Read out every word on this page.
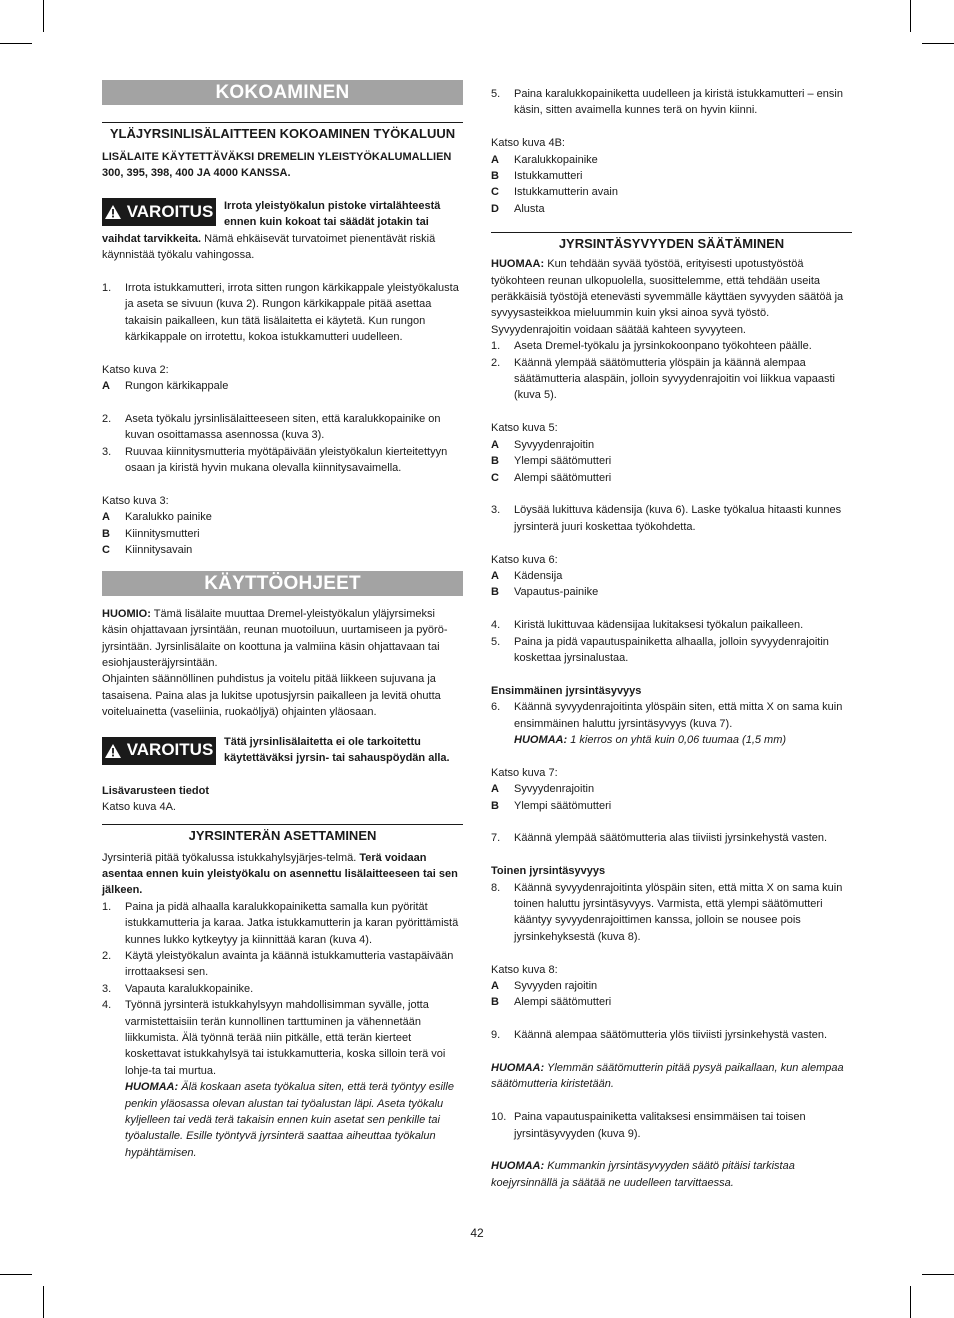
KOKOAMINEN
YLÄJYRSINLISÄLAITTEEN KOKOAMINEN TYÖKALUUN

LISÄLAITE KÄYTETTÄVÄKSI DREMELIN YLEISTYÖKALUMALLIEN 300, 395, 398, 400 JA 4000 KANSSA.

VAROITUS Irrota yleistyökalun pistoke virtalähteestä ennen kuin kokoat tai säädät jotakin tai

vaihdat tarvikkeita. Nämä ehkäisevät turvatoimet pienentävät riskiä käynnistää työkalu vahingossa.

1. Irrota istukkamutteri, irrota sitten rungon kärkikappale yleistyökalusta ja aseta se sivuun (kuva 2). Rungon kärkikappale pitää asettaa takaisin paikalleen, kun tätä lisälaitetta ei käytetä. Kun rungon kärkikappale on irrotettu, kokoa istukkamutteri uudelleen.

Katso kuva 2:

A Rungon kärkikappale
2. Aseta työkalu jyrsinlisälaitteeseen siten, että karalukkopainike on kuvan osoittamassa asennossa (kuva 3).
3. Ruuvaa kiinnitysmutteria myötäpäivään yleistyökalun kierteitettyyn osaan ja kiristä hyvin mukana olevalla kiinnitysavaimella.

Katso kuva 3:

A Karalukko painike
B Kiinnitysmutteri
C Kiinnitysavain
KÄYTTÖOHJEET

HUOMIO: Tämä lisälaite muuttaa Dremel-yleistyökalun yläjyrsimeksi käsin ohjattavaan jyrsintään, reunan muotoiluun, uurtamiseen ja pyörö-jyrsintään. Jyrsinlisälaite on koottuna ja valmiina käsin ohjattavaan tai esiohjausteräjyrsintään.

Ohjainten säännöllinen puhdistus ja voitelu pitää liikkeen sujuvana ja tasaisena. Paina alas ja lukitse upotusjyrsin paikalleen ja levitä ohutta voiteluainetta (vaseliinia, ruokaöljyä) ohjainten yläosaan.

VAROITUS Tätä jyrsinlisälaitetta ei ole tarkoitettu käytettäväksi jyrsin- tai sahauspöydän alla.

Lisävarusteen tiedot

Katso kuva 4A.

JYRSINTERÄN ASETTAMINEN

Jyrsinteriä pitää työkalussa istukkahylsyjärjes-telmä. Terä voidaan asentaa ennen kuin yleistyökalu on asennettu lisälaitteeseen tai sen jälkeen.

1. Paina ja pidä alhaalla karalukkopainiketta samalla kun pyörität istukkamutteria ja karaa. Jatka istukkamutterin ja karan pyörittämistä kunnes lukko kytkeytyy ja kiinnittää karan (kuva 4).
2. Käytä yleistyökalun avainta ja käännä istukkamutteria vastapäivään irrottaaksesi sen.
3. Vapauta karalukkopainike.
4. Työnnä jyrsinterä istukkahylsyyn mahdollisimman syvälle, jotta varmistettaisiin terän kunnollinen tarttuminen ja vähennetään liikkumista. Älä työnnä terää niin pitkälle, että terän kierteet koskettavat istukkahylsyä tai istukkamutteria, koska silloin terä voi lohje-ta tai murtua.

HUOMAA: Älä koskaan aseta työkalua siten, että terä työntyy esille penkin yläosassa olevan alustan tai työalustan läpi. Aseta työkalu kyljelleen tai vedä terä takaisin ennen kuin asetat sen penkille tai työalustalle. Esille työntyvä jyrsinterä saattaa aiheuttaa työkalun hypähtämisen.

5. Paina karalukkopainiketta uudelleen ja kiristä istukkamutteri – ensin käsin, sitten avaimella kunnes terä on hyvin kiinni.

Katso kuva 4B:

A Karalukkopainike
B Istukkamutteri
C Istukkamutterin avain
D Alusta
JYRSINTÄSYVYYDEN SÄÄTÄMINEN

HUOMAA: Kun tehdään syvää työstöä, erityisesti upotustyöstöä työkohteen reunan ulkopuolella, suosittelemme, että tehdään useita peräkkäisiä työstöjä etenevästi syvemmälle käyttäen syvyyden säätöä ja syvyysasteikkoa mieluummin kuin yksi ainoa syvä työstö. Syvyydenrajoitin voidaan säätää kahteen syvyyteen.

1. Aseta Dremel-työkalu ja jyrsinkokoonpano työkohteen päälle.
2. Käännä ylempää säätömutteria ylöspäin ja käännä alempaa säätämutteria alaspäin, jolloin syvyydenrajoitin voi liikkua vapaasti (kuva 5).

Katso kuva 5:

A Syvyydenrajoitin
B Ylempi säätömutteri
C Alempi säätömutteri
3. Löysää lukittuva kädensija (kuva 6). Laske työkalua hitaasti kunnes jyrsinterä juuri koskettaa työkohdetta.

Katso kuva 6:

A Kädensija
B Vapautus-painike
4. Kiristä lukittuvaa kädensijaa lukitaksesi työkalun paikalleen.
5. Paina ja pidä vapautuspainiketta alhaalla, jolloin syvyydenrajoitin koskettaa jyrsinalustaa.

Ensimmäinen jyrsintäsyvyys

6. Käännä syvyydenrajoitinta ylöspäin siten, että mitta X on sama kuin ensimmäinen haluttu jyrsintäsyvyys (kuva 7).

HUOMAA: 1 kierros on yhtä kuin 0,06 tuumaa (1,5 mm)

Katso kuva 7:

A Syvyydenrajoitin
B Ylempi säätömutteri
7. Käännä ylempää säätömutteria alas tiiviisti jyrsinkehystä vasten.

Toinen jyrsintäsyvyys

8. Käännä syvyydenrajoitinta ylöspäin siten, että mitta X on sama kuin toinen haluttu jyrsintäsyvyys. Varmista, että ylempi säätömutteri kääntyy syvyydenrajoittimen kanssa, jolloin se nousee pois jyrsinkehyksestä (kuva 8).

Katso kuva 8:

A Syvyyden rajoitin
B Alempi säätömutteri
9. Käännä alempaa säätömutteria ylös tiiviisti jyrsinkehystä vasten.

HUOMAA: Ylemmän säätömutterin pitää pysyä paikallaan, kun alempaa säätömutteria kiristetään.

10. Paina vapautuspainiketta valitaksesi ensimmäisen tai toisen jyrsintäsyvyyden (kuva 9).

HUOMAA: Kummankin jyrsintäsyvyyden säätö pitäisi tarkistaa koejyrsinnällä ja säätää ne uudelleen tarvittaessa.

42
